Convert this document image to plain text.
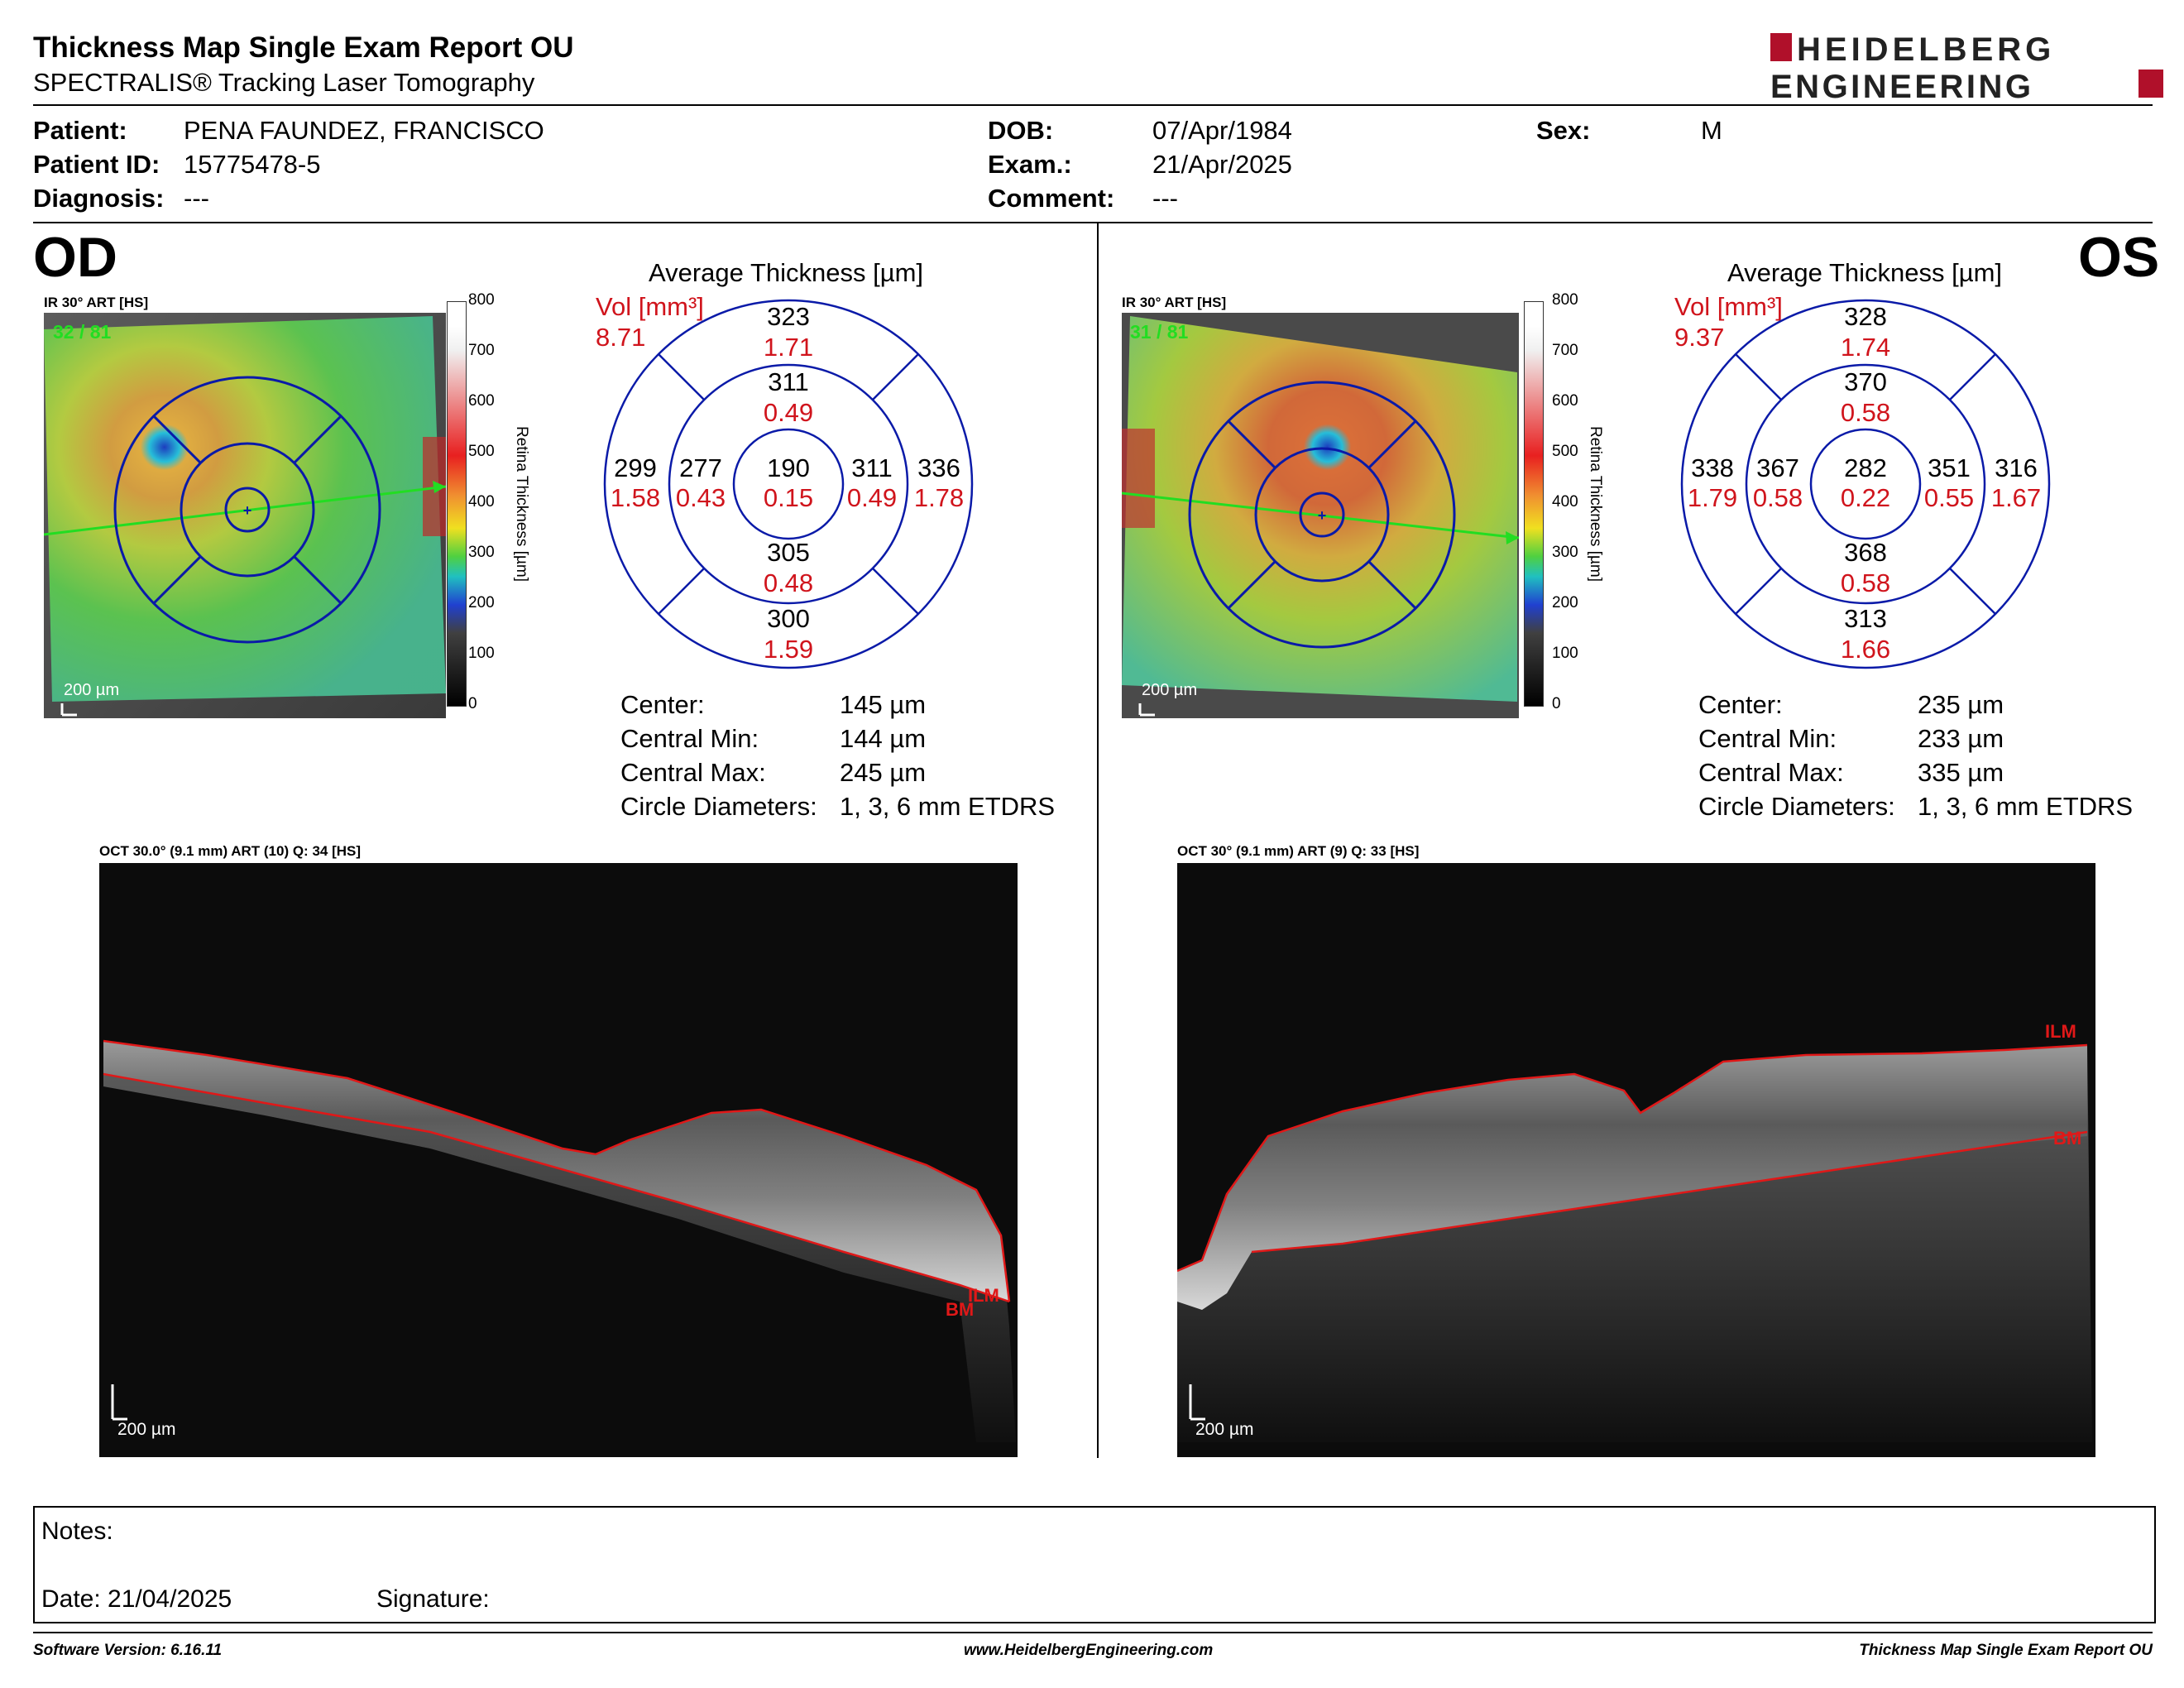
Thickness Map Single Exam Report OU
SPECTRALIS® Tracking Laser Tomography
HEIDELBERG
ENGINEERING
Patient: PENA FAUNDEZ, FRANCISCO
Patient ID: 15775478-5
Diagnosis: ---
DOB:	07/Apr/1984
Exam.:	21/Apr/2025
Comment: ---
Sex:	M
OD
IR 30° ART [HS]
+
32 / 81
200 µm
800
700
600
500
400
300
200
100
0
Retina Thickness [µm]
Average Thickness [µm]
Vol [mm³]
8.71
323
1.71
311
0.49
190
0.15
277
0.43
311
0.49
299
1.58
336
1.78
305
0.48
300
1.59
Center:	145 µm
Central Min:	144 µm
Central Max:	245 µm
Circle Diameters: 1, 3, 6 mm ETDRS
OCT 30.0° (9.1 mm) ART (10) Q: 34 [HS]
ILM
BM
200 µm
OS
IR 30° ART [HS]
+
31 / 81
200 µm
800
700
600
500
400
300
200
100
0
Retina Thickness [µm]
Average Thickness [µm]
Vol [mm³]
9.37
328
1.74
370
0.58
282
0.22
367
0.58
351
0.55
338
1.79
316
1.67
368
0.58
313
1.66
Center:	235 µm
Central Min:	233 µm
Central Max:	335 µm
Circle Diameters: 1, 3, 6 mm ETDRS
OCT 30° (9.1 mm) ART (9) Q: 33 [HS]
ILM
BM
200 µm
Notes:
Date: 21/04/2025	Signature:
Software Version: 6.16.11	www.HeidelbergEngineering.com	Thickness Map Single Exam Report OU
